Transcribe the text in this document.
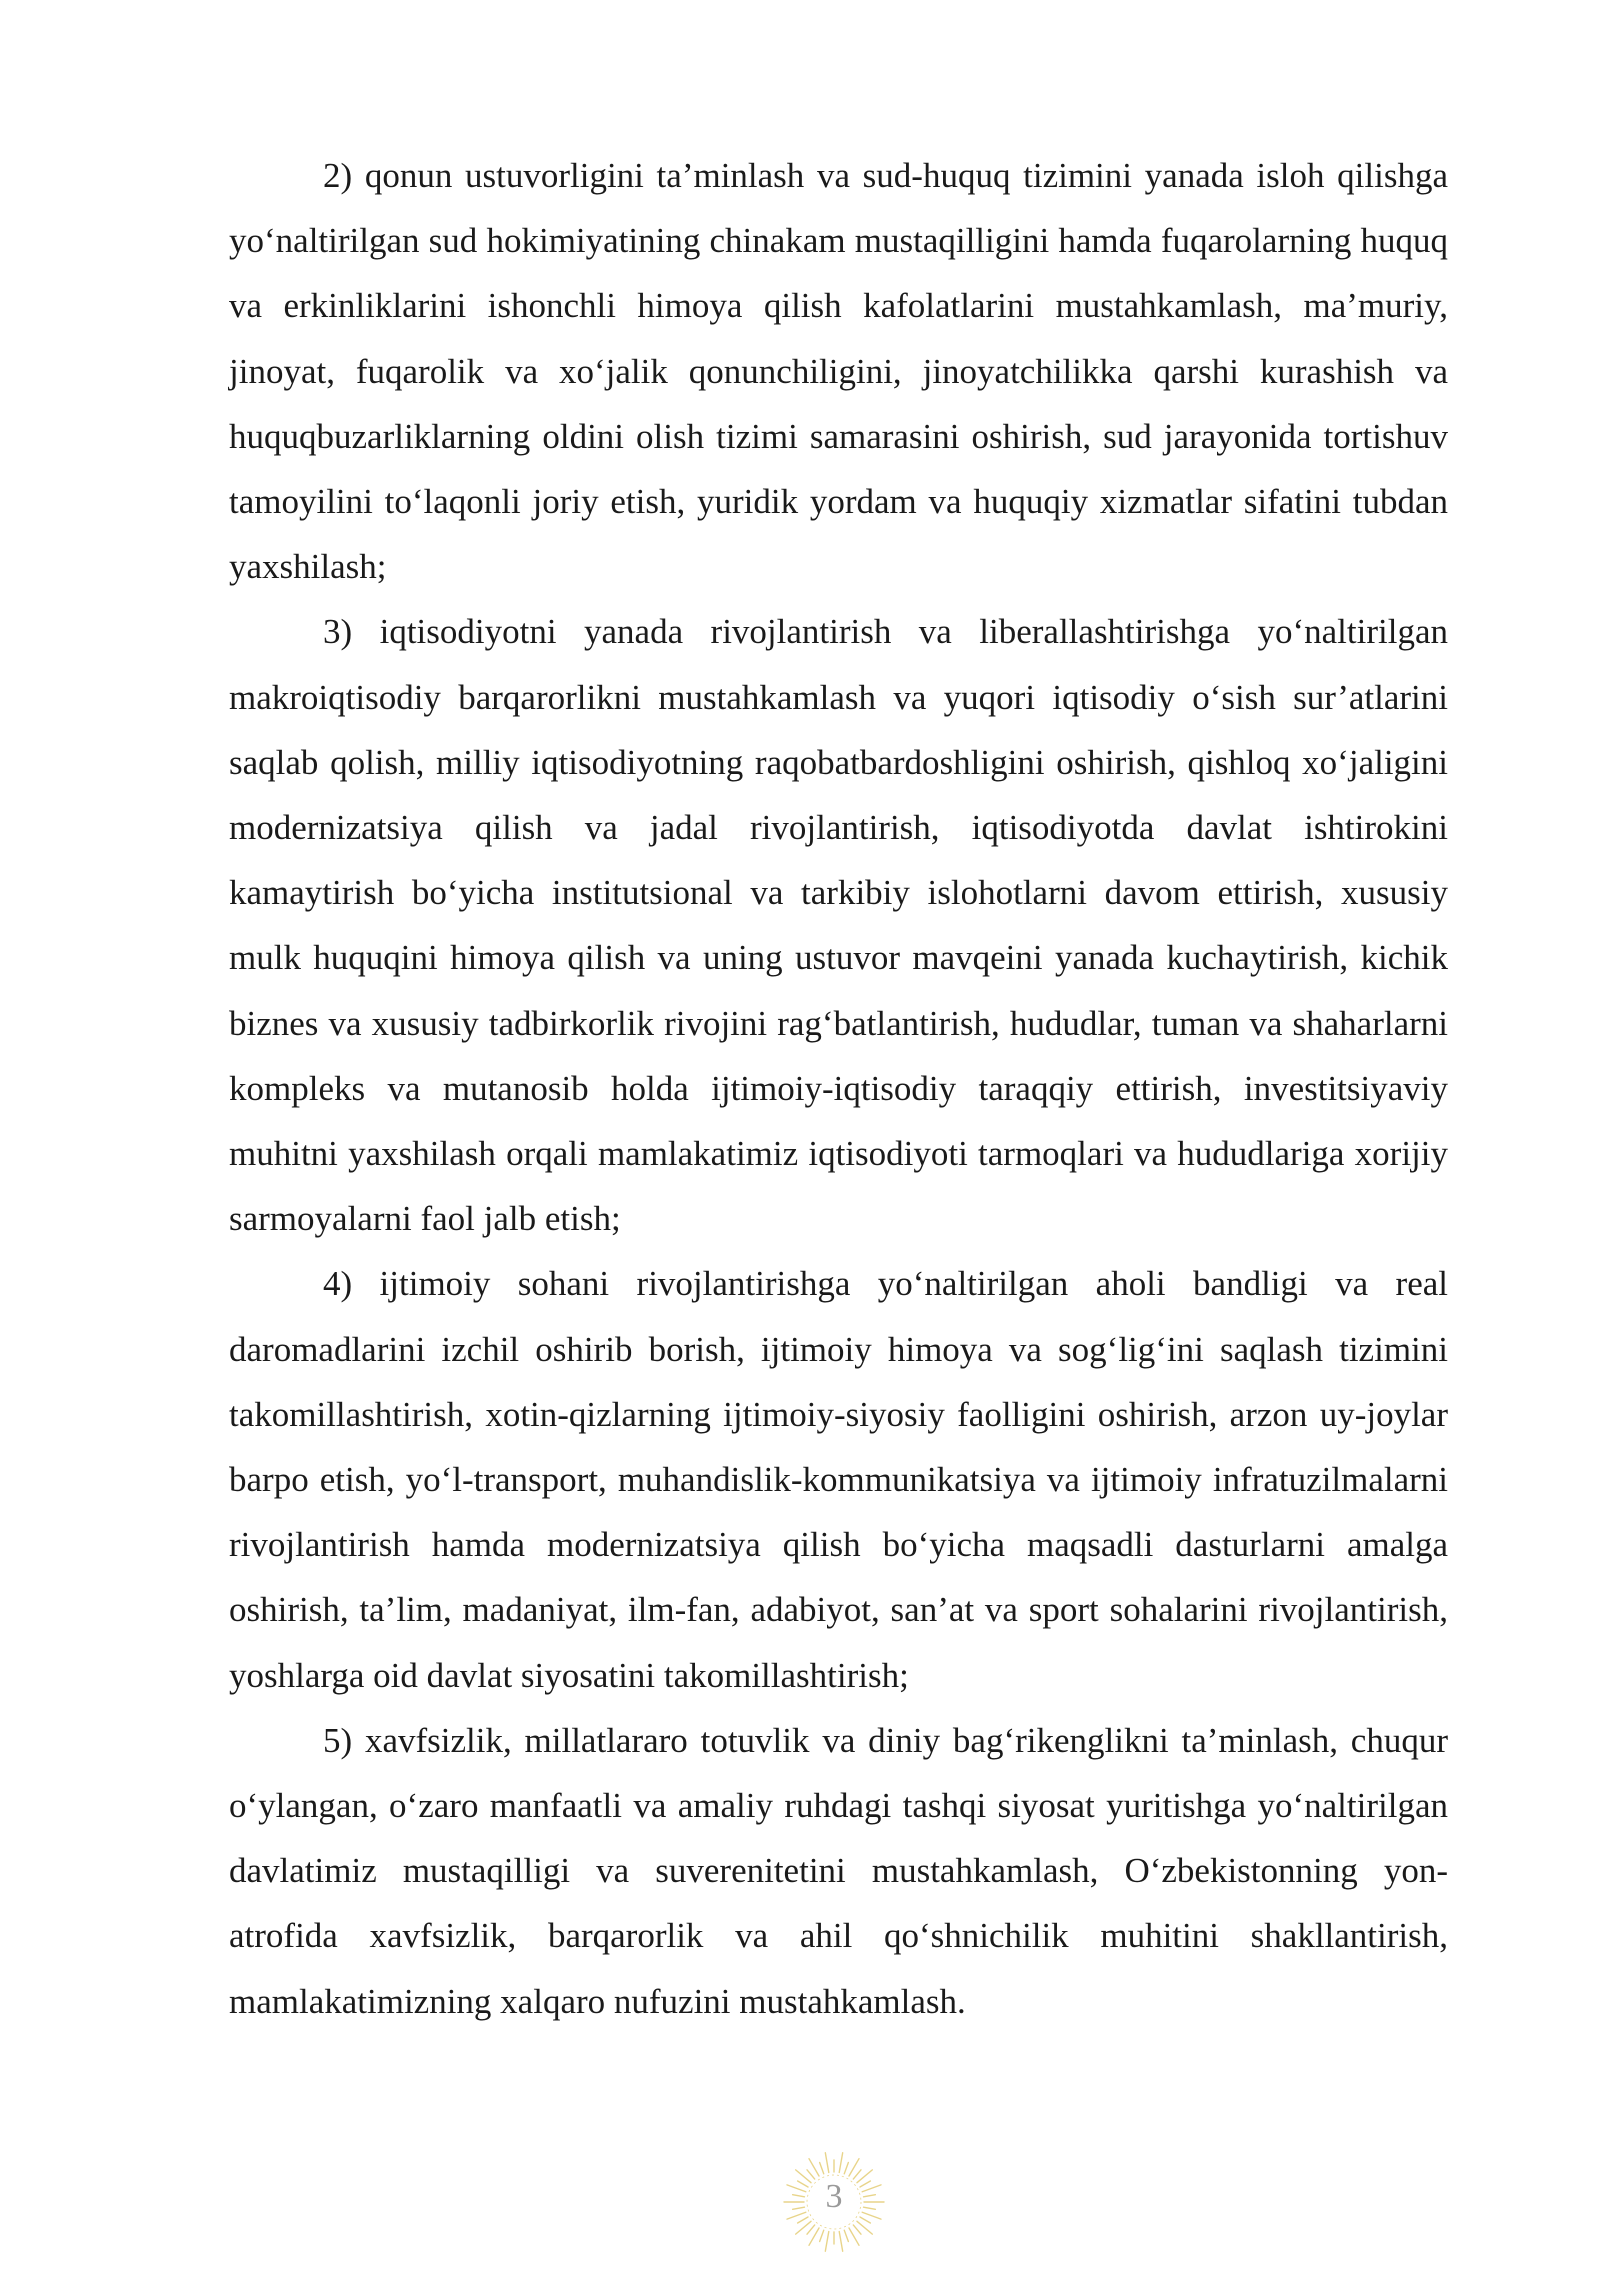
2) qonun ustuvorligini ta’minlash va sud-huquq tizimini yanada isloh qilishga yo‘naltirilgan sud hokimiyatining chinakam mustaqilligini hamda fuqarolarning huquq va erkinliklarini ishonchli himoya qilish kafolatlarini mustahkamlash, ma’muriy, jinoyat, fuqarolik va xo‘jalik qonunchiligini, jinoyatchilikka qarshi kurashish va huquqbuzarliklarning oldini olish tizimi samarasini oshirish, sud jarayonida tortishuv tamoyilini to‘laqonli joriy etish, yuridik yordam va huquqiy xizmatlar sifatini tubdan yaxshilash;

3) iqtisodiyotni yanada rivojlantirish va liberallashtirishga yo‘naltirilgan makroiqtisodiy barqarorlikni mustahkamlash va yuqori iqtisodiy o‘sish sur’atlarini saqlab qolish, milliy iqtisodiyotning raqobatbardoshligini oshirish, qishloq xo‘jaligini modernizatsiya qilish va jadal rivojlantirish, iqtisodiyotda davlat ishtirokini kamaytirish bo‘yicha institutsional va tarkibiy islohotlarni davom ettirish, xususiy mulk huquqini himoya qilish va uning ustuvor mavqeini yanada kuchaytirish, kichik biznes va xususiy tadbirkorlik rivojini rag‘batlantirish, hududlar, tuman va shaharlarni kompleks va mutanosib holda ijtimoiy-iqtisodiy taraqqiy ettirish, investitsiyaviy muhitni yaxshilash orqali mamlakatimiz iqtisodiyoti tarmoqlari va hududlariga xorijiy sarmoyalarni faol jalb etish;

4) ijtimoiy sohani rivojlantirishga yo‘naltirilgan aholi bandligi va real daromadlarini izchil oshirib borish, ijtimoiy himoya va sog‘lig‘ini saqlash tizimini takomillashtirish, xotin-qizlarning ijtimoiy-siyosiy faolligini oshirish, arzon uy-joylar barpo etish, yo‘l-transport, muhandislik-kommunikatsiya va ijtimoiy infratuzilmalarni rivojlantirish hamda modernizatsiya qilish bo‘yicha maqsadli dasturlarni amalga oshirish, ta’lim, madaniyat, ilm-fan, adabiyot, san’at va sport sohalarini rivojlantirish, yoshlarga oid davlat siyosatini takomillashtirish;

5) xavfsizlik, millatlararo totuvlik va diniy bag‘rikenglikni ta’minlash, chuqur o‘ylangan, o‘zaro manfaatli va amaliy ruhdagi tashqi siyosat yuritishga yo‘naltirilgan davlatimiz mustaqilligi va suverenitetini mustahkamlash, O‘zbekistonning yon-atrofida xavfsizlik, barqarorlik va ahil qo‘shnichilik muhitini shakllantirish, mamlakatimizning xalqaro nufuzini mustahkamlash.

3
